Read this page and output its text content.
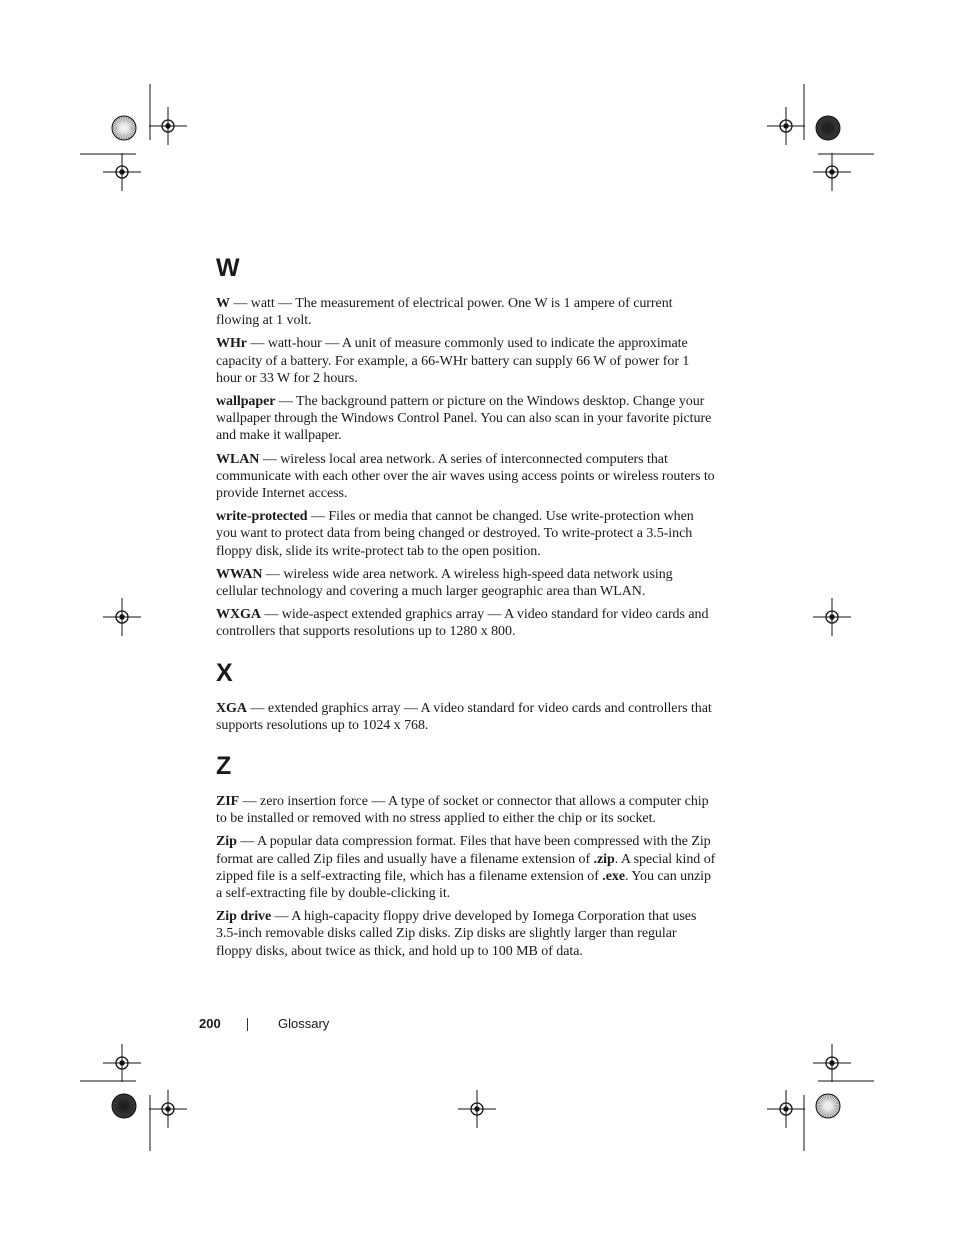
W

W — watt — The measurement of electrical power. One W is 1 ampere of current flowing at 1 volt.

WHr — watt-hour — A unit of measure commonly used to indicate the approximate capacity of a battery. For example, a 66-WHr battery can supply 66 W of power for 1 hour or 33 W for 2 hours.

wallpaper — The background pattern or picture on the Windows desktop. Change your wallpaper through the Windows Control Panel. You can also scan in your favorite picture and make it wallpaper.

WLAN — wireless local area network. A series of interconnected computers that communicate with each other over the air waves using access points or wireless routers to provide Internet access.

write-protected — Files or media that cannot be changed. Use write-protection when you want to protect data from being changed or destroyed. To write-protect a 3.5-inch floppy disk, slide its write-protect tab to the open position.

WWAN — wireless wide area network. A wireless high-speed data network using cellular technology and covering a much larger geographic area than WLAN.

WXGA — wide-aspect extended graphics array — A video standard for video cards and controllers that supports resolutions up to 1280 x 800.

X

XGA — extended graphics array — A video standard for video cards and controllers that supports resolutions up to 1024 x 768.

Z

ZIF — zero insertion force — A type of socket or connector that allows a computer chip to be installed or removed with no stress applied to either the chip or its socket.

Zip — A popular data compression format. Files that have been compressed with the Zip format are called Zip files and usually have a filename extension of .zip. A special kind of zipped file is a self-extracting file, which has a filename extension of .exe. You can unzip a self-extracting file by double-clicking it.

Zip drive — A high-capacity floppy drive developed by Iomega Corporation that uses 3.5-inch removable disks called Zip disks. Zip disks are slightly larger than regular floppy disks, about twice as thick, and hold up to 100 MB of data.

200	Glossary
